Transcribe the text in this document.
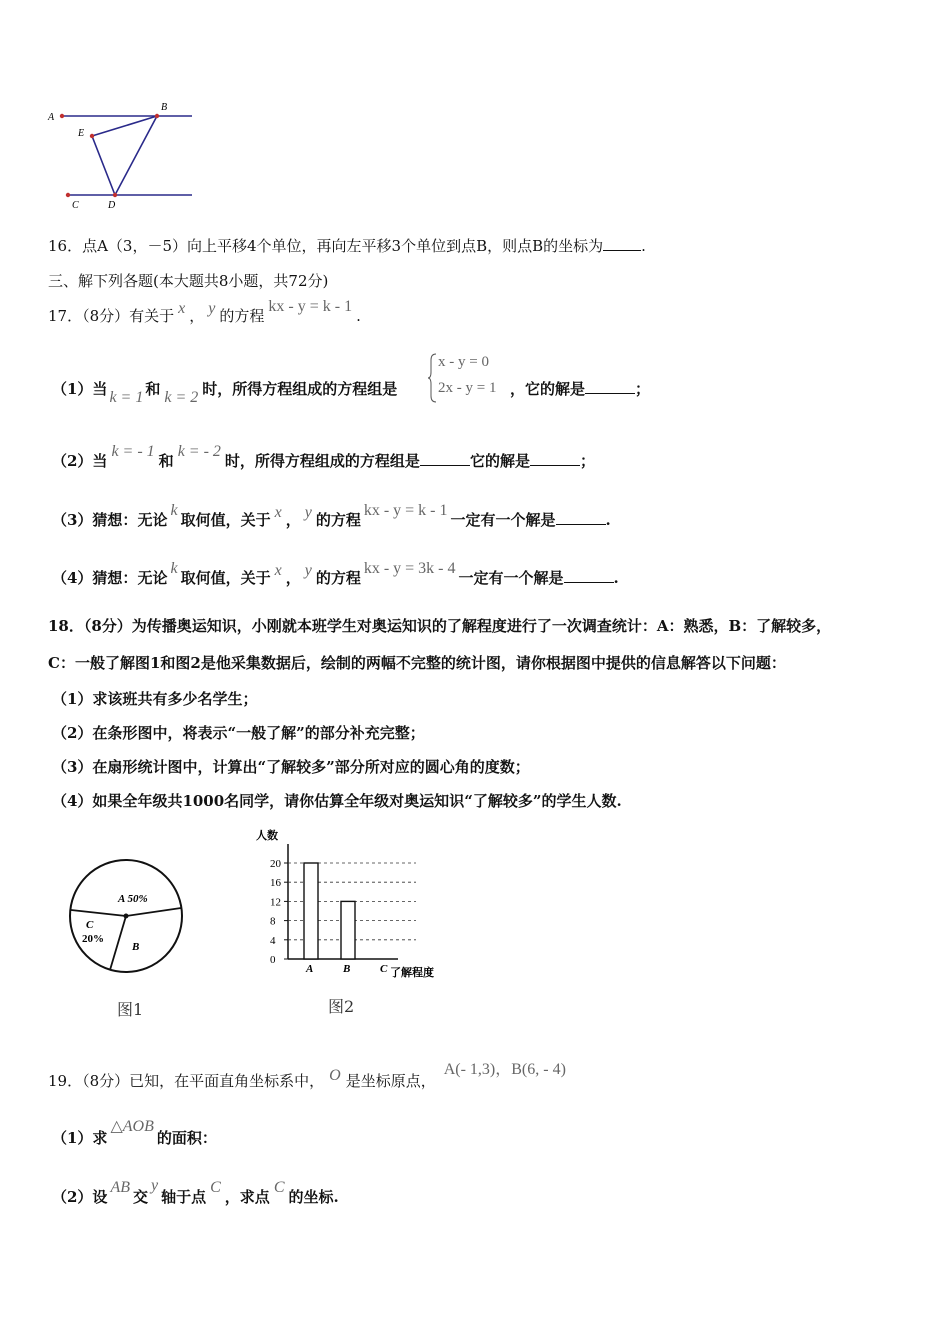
A
B
E
C	D
16．点A（3，－5）向上平移4个单位，再向左平移3个单位到点B，则点B的坐标为	.
三、解下列各题(本大题共8小题，共72分)
17．（8分）有关于 x ， y 的方程kx - y = k - 1.
（1）当 k = 1 和 k = 2 时，所得方程组成的方程组是
x - y = 0
2x - y = 1 ，它的解是	；
（2）当k = - 1和k = - 2时，所得方程组成的方程组是	它的解是	；
（3）猜想：无论k取何值，关于 x ， y 的方程kx - y = k - 1一定有一个解是	.
（4）猜想：无论k取何值，关于 x ， y 的方程kx - y = 3k - 4一定有一个解是	.
18．（8分）为传播奥运知识，小刚就本班学生对奥运知识的了解程度进行了一次调查统计：A：熟悉，B：了解较多，
C：一般了解图1和图2是他采集数据后，绘制的两幅不完整的统计图，请你根据图中提供的信息解答以下问题：
（1）求该班共有多少名学生；
（2）在条形图中，将表示“一般了解”的部分补充完整；
（3）在扇形统计图中，计算出“了解较多”部分所对应的圆心角的度数；
（4）如果全年级共1000名同学，请你估算全年级对奥运知识“了解较多”的学生人数.
A 50%
C
20%
B
图1
人数
了解程度
0
4
8
12
16
20
A	B	C
图2
19．（8分）已知，在平面直角坐标系中， O 是坐标原点，A(- 1,3)，B(6, - 4)
（1）求△AOB的面积：
（2）设AB交y轴于点C，求点C的坐标.
